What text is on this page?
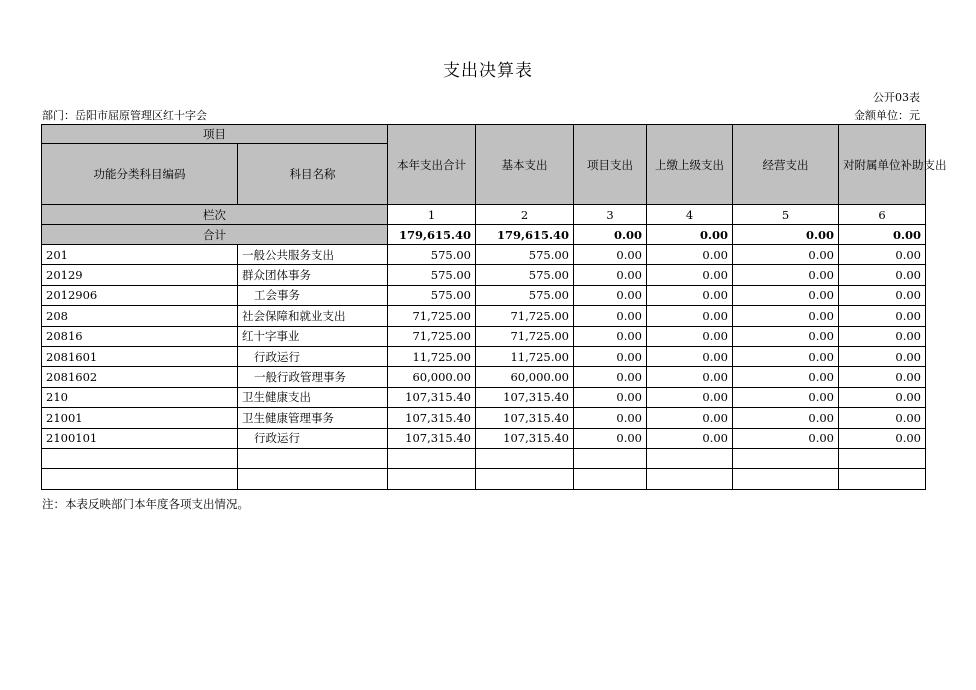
支出决算表
公开03表
部门：岳阳市屈原管理区红十字会	金额单位：元
项目		本年支出合计	基本支出	项目支出	上缴上级支出	经营支出	对附属单位补助支出
功能分类科目编码	科目名称						
栏次		1	2	3	4	5	6
合计		179,615.40	179,615.40	0.00	0.00	0.00	0.00
201	一般公共服务支出	575.00	575.00	0.00	0.00	0.00	0.00
20129	群众团体事务	575.00	575.00	0.00	0.00	0.00	0.00
2012906	工会事务	575.00	575.00	0.00	0.00	0.00	0.00
208	社会保障和就业支出	71,725.00	71,725.00	0.00	0.00	0.00	0.00
20816	红十字事业	71,725.00	71,725.00	0.00	0.00	0.00	0.00
2081601	行政运行	11,725.00	11,725.00	0.00	0.00	0.00	0.00
2081602	一般行政管理事务	60,000.00	60,000.00	0.00	0.00	0.00	0.00
210	卫生健康支出	107,315.40	107,315.40	0.00	0.00	0.00	0.00
21001	卫生健康管理事务	107,315.40	107,315.40	0.00	0.00	0.00	0.00
2100101	行政运行	107,315.40	107,315.40	0.00	0.00	0.00	0.00

注：本表反映部门本年度各项支出情况。
